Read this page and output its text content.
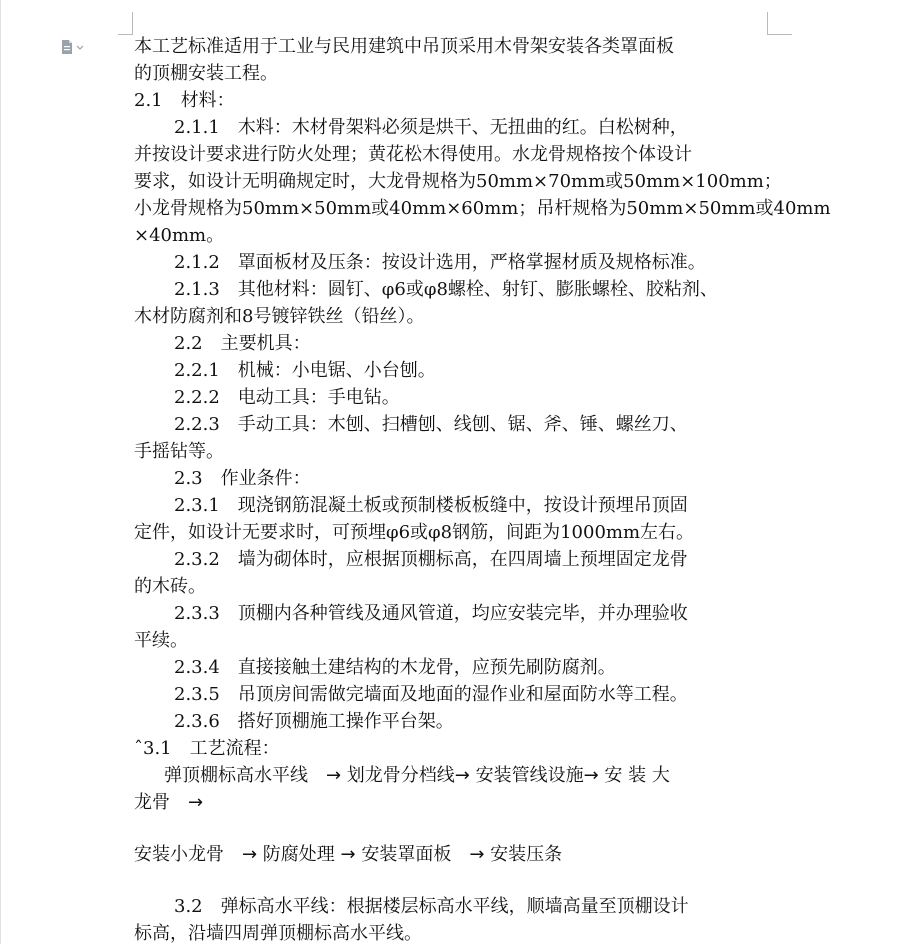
本工艺标准适用于工业与民用建筑中吊顶采用木骨架安装各类罩面板
的顶棚安装工程。
2.1　材料：
2.1.1　木料：木材骨架料必须是烘干、无扭曲的红。白松树种，
并按设计要求进行防火处理；黄花松木得使用。水龙骨规格按个体设计
要求，如设计无明确规定时，大龙骨规格为50mm×70mm或50mm×100mm；
小龙骨规格为50mm×50mm或40mm×60mm；吊杆规格为50mm×50mm或40mm
×40mm。
2.1.2　罩面板材及压条：按设计选用，严格掌握材质及规格标准。
2.1.3　其他材料：圆钉、φ6或φ8螺栓、射钉、膨胀螺栓、胶粘剂、
木材防腐剂和8号镀锌铁丝（铅丝）。
2.2　主要机具：
2.2.1　机械：小电锯、小台刨。
2.2.2　电动工具：手电钻。
2.2.3　手动工具：木刨、扫槽刨、线刨、锯、斧、锤、螺丝刀、
手摇钻等。
2.3　作业条件：
2.3.1　现浇钢筋混凝土板或预制楼板板缝中，按设计预埋吊顶固
定件，如设计无要求时，可预埋φ6或φ8钢筋，间距为1000mm左右。
2.3.2　墙为砌体时，应根据顶棚标高，在四周墙上预埋固定龙骨
的木砖。
2.3.3　顶棚内各种管线及通风管道，均应安装完毕，并办理验收
平续。
2.3.4　直接接触土建结构的木龙骨，应预先刷防腐剂。
2.3.5　吊顶房间需做完墙面及地面的湿作业和屋面防水等工程。
2.3.6　搭好顶棚施工操作平台架。
ˆ3.1　工艺流程：
弹顶棚标高水平线　→ 划龙骨分档线→ 安装管线设施→ 安 装 大
龙骨　→
安装小龙骨　→ 防腐处理 → 安装罩面板　→ 安装压条
3.2　弹标高水平线：根据楼层标高水平线，顺墙高量至顶棚设计
标高，沿墙四周弹顶棚标高水平线。
